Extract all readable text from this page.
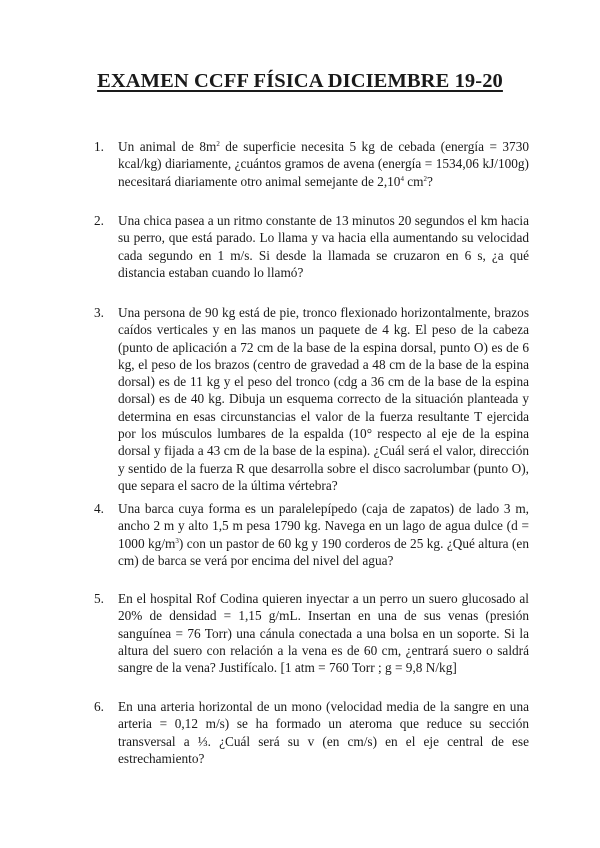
EXAMEN CCFF FÍSICA DICIEMBRE 19-20
1. Un animal de $8m^2$ de superficie necesita 5 kg de cebada (energía = 3730 kcal/kg) diariamente, ¿cuántos gramos de avena (energía = 1534,06 kJ/100g) necesitará diariamente otro animal semejante de 2,10$^4$ $cm^2$?
2. Una chica pasea a un ritmo constante de 13 minutos 20 segundos el km hacia su perro, que está parado. Lo llama y va hacia ella aumentando su velocidad cada segundo en 1 m/s. Si desde la llamada se cruzaron en 6 s, ¿a qué distancia estaban cuando lo llamó?
3. Una persona de 90 kg está de pie, tronco flexionado horizontalmente, brazos caídos verticales y en las manos un paquete de 4 kg. El peso de la cabeza (punto de aplicación a 72 cm de la base de la espina dorsal, punto O) es de 6 kg, el peso de los brazos (centro de gravedad a 48 cm de la base de la espina dorsal) es de 11 kg y el peso del tronco (cdg a 36 cm de la base de la espina dorsal) es de 40 kg. Dibuja un esquema correcto de la situación planteada y determina en esas circunstancias el valor de la fuerza resultante T ejercida por los músculos lumbares de la espalda (10° respecto al eje de la espina dorsal y fijada a 43 cm de la base de la espina). ¿Cuál será el valor, dirección y sentido de la fuerza R que desarrolla sobre el disco sacrolumbar (punto O), que separa el sacro de la última vértebra?
4. Una barca cuya forma es un paralelepípedo (caja de zapatos) de lado 3 m, ancho 2 m y alto 1,5 m pesa 1790 kg. Navega en un lago de agua dulce (d = 1000 $kg/m^3$) con un pastor de 60 kg y 190 corderos de 25 kg. ¿Qué altura (en cm) de barca se verá por encima del nivel del agua?
5. En el hospital Rof Codina quieren inyectar a un perro un suero glucosado al 20% de densidad = 1,15 g/mL. Insertan en una de sus venas (presión sanguínea = 76 Torr) una cánula conectada a una bolsa en un soporte. Si la altura del suero con relación a la vena es de 60 cm, ¿entrará suero o saldrá sangre de la vena? Justifícalo. [1 atm = 760 Torr ; g = 9,8 N/kg]
6. En una arteria horizontal de un mono (velocidad media de la sangre en una arteria = 0,12 m/s) se ha formado un ateroma que reduce su sección transversal a ⅓. ¿Cuál será su v (en cm/s) en el eje central de ese estrechamiento?
